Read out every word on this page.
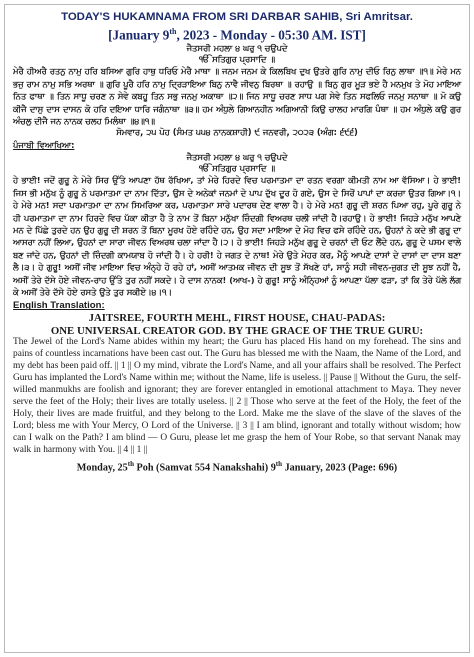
TODAY'S HUKAMNAMA FROM SRI DARBAR SAHIB, Sri Amritsar.
[January 9th, 2023 - Monday - 05:30 AM. IST]
ਜੈਤਸਰੀ ਮਹਲਾ ੪ ਘਰੁ ੧ ਚਉਪਦੇ
ੴ ਸਤਿਗੁਰ ਪ੍ਰਸਾਦਿ ॥

ਮੇਰੈ ਹੀਅਰੈ ਰਤਨੁ ਨਾਮੁ ਹਰਿ ਬਸਿਆ ਗੁਰਿ ਹਾਥੁ ਧਰਿਓ ਮੇਰੈ ਮਾਥਾ ॥ ਜਨਮ ਜਨਮ ਕੇ ਕਿਲਬਿਖ ਦੁਖ ਉਤਰੇ ਗੁਰਿ ਨਾਮੁ ਦੀਓ ਰਿਨੁ ਲਾਥਾ ॥੧॥ ਮੇਰੇ ਮਨ ਭਜੁ ਰਾਮ ਨਾਮੁ ਸਭਿ ਅਰਥਾ ॥ ਗੁਰਿ ਪੂਰੈ ਹਰਿ ਨਾਮੁ ਦ੍ਰਿੜਾਇਆ ਬਿਨੁ ਨਾਵੈ ਜੀਵਨੁ ਬਿਰਥਾ ॥ ਰਹਾਉ ॥ ਬਿਨੁ ਗੁਰ ਮੂੜ ਭਏ ਹੈ ਮਨਮੁਖ ਤੇ ਮੋਹ ਮਾਇਆ ਨਿਤ ਫਾਥਾ ॥ ਤਿਨ ਸਾਧੂ ਚਰਣ ਨ ਸੇਵੇ ਕਬਹੂ ਤਿਨ ਸਭੁ ਜਨਮੁ ਅਕਾਥਾ ॥੨॥ ਜਿਨ ਸਾਧੂ ਚਰਣ ਸਾਧ ਪਗ ਸੇਵੇ ਤਿਨ ਸਫਲਿਓ ਜਨਮੁ ਸਨਾਥਾ ॥ ਮੋ ਕਉ ਕੀਜੈ ਦਾਸੁ ਦਾਸ ਦਾਸਨ ਕੋ ਹਰਿ ਦਇਆ ਧਾਰਿ ਜਗੰਨਾਥਾ ॥੩॥ ਹਮ ਅੰਧੁਲੇ ਗਿਆਨਹੀਨ ਅਗਿਆਨੀ ਕਿਉ ਚਾਲਹ ਮਾਰਗਿ ਪੰਥਾ ॥ ਹਮ ਅੰਧੁਲੇ ਕਉ ਗੁਰ ਅੰਚਲੁ ਦੀਜੈ ਜਨ ਨਾਨਕ ਚਲਹ ਮਿਲੰਥਾ ॥੪॥੧॥

ਸੋਮਵਾਰ, ੨੫ ਪੋਹ (ਸੰਮਤ ੫੫੪ ਨਾਨਕਸ਼ਾਹੀ) ੯ ਜਨਵਰੀ, ੨੦੨੩ (ਅੰਗ: ੬੯੬)
ਪੰਜਾਬੀ ਵਿਆਖਿਆ:
ਜੈਤਸਰੀ ਮਹਲਾ ੪ ਘਰੁ ੧ ਚਉਪਦੇ
ੴ ਸਤਿਗੁਰ ਪ੍ਰਸਾਦਿ ॥

ਹੇ ਭਾਈ! ਜਦੋਂ ਗੁਰੂ ਨੇ ਮੇਰੇ ਸਿਰ ਉੱਤੇ ਆਪਣਾ ਹੱਥ ਰੱਖਿਆ, ਤਾਂ ਮੇਰੇ ਹਿਰਦੇ ਵਿਚ ਪਰਮਾਤਮਾ ਦਾ ਰਤਨ ਵਰਗਾ ਕੀਮਤੀ ਨਾਮ ਆ ਵੱਸਿਆ। ਹੇ ਭਾਈ! ਜਿਸ ਭੀ ਮਨੁੱਖ ਨੂੰ ਗੁਰੂ ਨੇ ਪਰਮਾਤਮਾ ਦਾ ਨਾਮ ਦਿੱਤਾ, ਉਸ ਦੇ ਅਨੇਕਾਂ ਜਨਮਾਂ ਦੇ ਪਾਪ ਦੁੱਖ ਦੂਰ ਹੋ ਗਏ, ਉਸ ਦੇ ਸਿਰੋਂ ਪਾਪਾਂ ਦਾ ਕਰਜ਼ਾ ਉਤਰ ਗਿਆ।੧। ਹੇ ਮੇਰੇ ਮਨ! ਸਦਾ ਪਰਮਾਤਮਾ ਦਾ ਨਾਮ ਸਿਮਰਿਆ ਕਰ, ਪਰਮਾਤਮਾ ਸਾਰੇ ਪਦਾਰਥ ਦੇਣ ਵਾਲਾ ਹੈ। ਹੇ ਮੇਰੇ ਮਨ! ਗੁਰੂ ਦੀ ਸ਼ਰਨ ਪਿਆ ਰਹੁ, ਪੂਰੇ ਗੁਰੂ ਨੇ ਹੀ ਪਰਮਾਤਮਾ ਦਾ ਨਾਮ ਹਿਰਦੇ ਵਿਚ ਪੱਕਾ ਕੀਤਾ ਹੈ ਤੇ ਨਾਮ ਤੋਂ ਬਿਨਾ ਮਨੁੱਖਾ ਜ਼ਿੰਦਗੀ ਵਿਅਰਥ ਚਲੀ ਜਾਂਦੀ ਹੈ।ਰਹਾਉ। ਹੇ ਭਾਈ! ਜਿਹੜੇ ਮਨੁੱਖ ਆਪਣੇ ਮਨ ਦੇ ਪਿੱਛੇ ਤੁਰਦੇ ਹਨ ਉਹ ਗੁਰੂ ਦੀ ਸ਼ਰਨ ਤੋਂ ਬਿਨਾ ਮੂਰਖ ਹੋਏ ਰਹਿੰਦੇ ਹਨ, ਉਹ ਸਦਾ ਮਾਇਆ ਦੇ ਮੋਹ ਵਿਚ ਫਸੇ ਰਹਿੰਦੇ ਹਨ, ਉਹਨਾਂ ਨੇ ਕਦੇ ਭੀ ਗੁਰੂ ਦਾ ਆਸਰਾ ਨਹੀਂ ਲਿਆ, ਉਹਨਾਂ ਦਾ ਸਾਰਾ ਜੀਵਨ ਵਿਅਰਥ ਚਲਾ ਜਾਂਦਾ ਹੈ।੨। ਹੇ ਭਾਈ! ਜਿਹੜੇ ਮਨੁੱਖ ਗੁਰੂ ਦੇ ਚਰਨਾਂ ਦੀ ਓਟ ਲੈਂਦੇ ਹਨ, ਗੁਰੂ ਦੇ ਪਸਮ ਵਾਲੇ ਬਣ ਜਾਂਦੇ ਹਨ, ਉਹਨਾਂ ਦੀ ਜ਼ਿੰਦਗੀ ਕਾਮਯਾਬ ਹੋ ਜਾਂਦੀ ਹੈ। ਹੇ ਹਰੀ! ਹੇ ਜਗਤ ਦੇ ਨਾਥ! ਮੇਰੇ ਉਤੇ ਮੇਹਰ ਕਰ, ਮੈਨੂੰ ਆਪਣੇ ਦਾਸਾਂ ਦੇ ਦਾਸਾਂ ਦਾ ਦਾਸ ਬਣਾ ਲੈ।੩। ਹੇ ਗੁਰੂ! ਅਸੀਂ ਜੀਵ ਮਾਇਆ ਵਿਚ ਅੰਨ੍ਹੇ ਹੋ ਰਹੇ ਹਾਂ, ਅਸੀਂ ਆਤਮਕ ਜੀਵਨ ਦੀ ਸੂਝ ਤੋਂ ਸੱਖਣੇ ਹਾਂ, ਸਾਨੂੰ ਸਹੀ ਜੀਵਨ-ਜੁਗਤ ਦੀ ਸੂਝ ਨਹੀਂ ਹੈ, ਅਸੀਂ ਤੇਰੇ ਦੱਸੇ ਹੋਏ ਜੀਵਨ-ਰਾਹ ਉੱਤੇ ਤੁਰ ਨਹੀਂ ਸਕਦੇ। ਹੇ ਦਾਸ ਨਾਨਕ! (ਆਖ-) ਹੇ ਗੁਰੂ! ਸਾਨੂੰ ਅੰਨ੍ਹਿਆਂ ਨੂੰ ਆਪਣਾ ਪੱਲਾ ਫੜਾ, ਤਾਂ ਕਿ ਤੇਰੇ ਪੱਲੇ ਲੱਗ ਕੇ ਅਸੀਂ ਤੇਰੇ ਦੱਸੇ ਹੋਏ ਰਸਤੇ ਉਤੇ ਤੁਰ ਸਕੀਏ।੪।੧।

English Translation:
JAITSREE, FOURTH MEHL, FIRST HOUSE, CHAU-PADAS:
ONE UNIVERSAL CREATOR GOD. BY THE GRACE OF THE TRUE GURU:

The Jewel of the Lord's Name abides within my heart; the Guru has placed His hand on my forehead. The sins and pains of countless incarnations have been cast out. The Guru has blessed me with the Naam, the Name of the Lord, and my debt has been paid off. || 1 || O my mind, vibrate the Lord's Name, and all your affairs shall be resolved. The Perfect Guru has implanted the Lord's Name within me; without the Name, life is useless. || Pause || Without the Guru, the self-willed manmukhs are foolish and ignorant; they are forever entangled in emotional attachment to Maya. They never serve the feet of the Holy; their lives are totally useless. || 2 || Those who serve at the feet of the Holy, the feet of the Holy, their lives are made fruitful, and they belong to the Lord. Make me the slave of the slave of the slaves of the Lord; bless me with Your Mercy, O Lord of the Universe. || 3 || I am blind, ignorant and totally without wisdom; how can I walk on the Path? I am blind — O Guru, please let me grasp the hem of Your Robe, so that servant Nanak may walk in harmony with You. || 4 || 1 ||

Monday, 25th Poh (Samvat 554 Nanakshahi) 9th January, 2023 (Page: 696)
